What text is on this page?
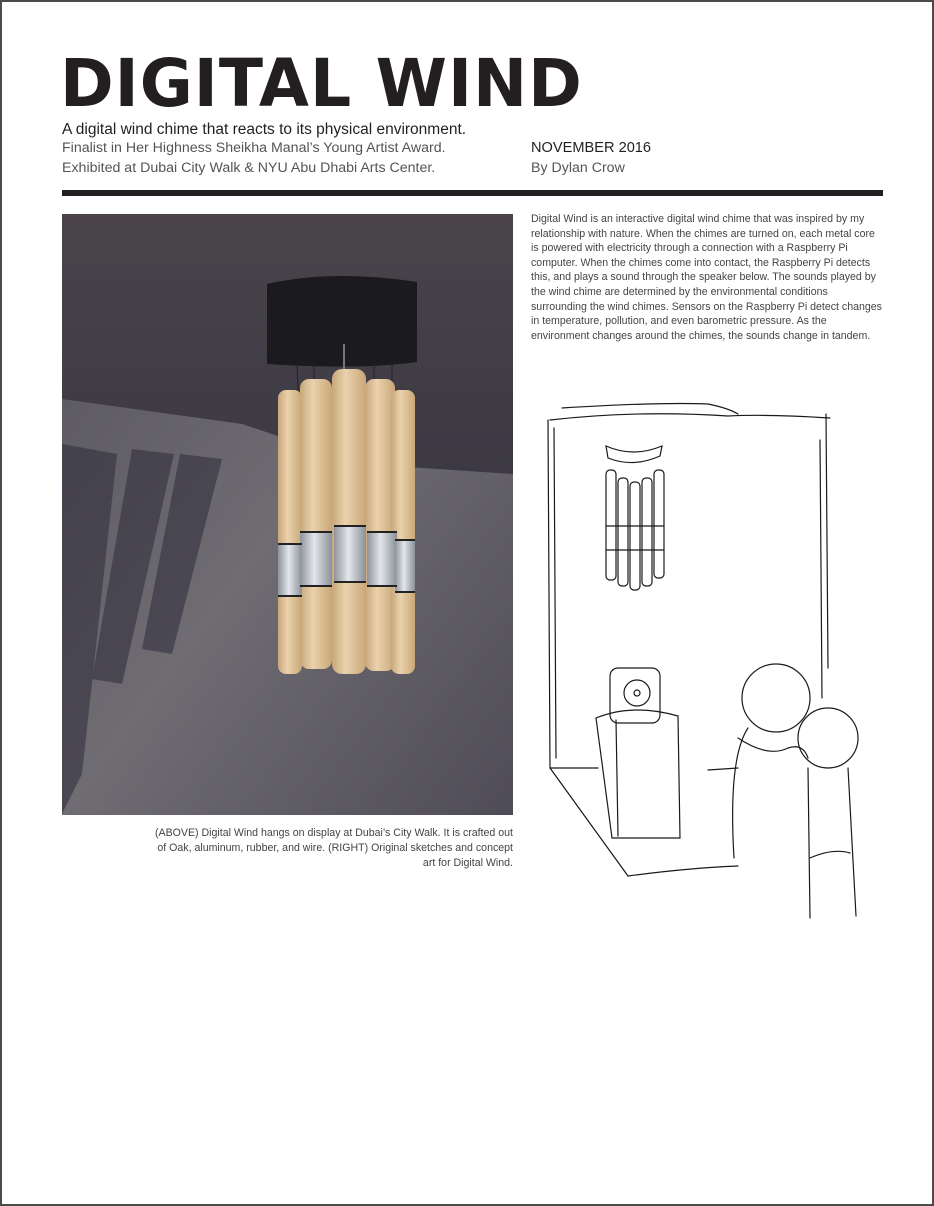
DIGITAL WIND
A digital wind chime that reacts to its physical environment.
Finalist in Her Highness Sheikha Manal’s Young Artist Award.
Exhibited at Dubai City Walk & NYU Abu Dhabi Arts Center.
NOVEMBER 2016
By Dylan Crow
Digital Wind is an interactive digital wind chime that was inspired by my relationship with nature. When the chimes are turned on, each metal core is powered with electricity through a connection with a Raspberry Pi computer. When the chimes come into contact, the Raspberry Pi detects this, and plays a sound through the speaker below. The sounds played by the wind chime are determined by the environmental conditions surrounding the wind chimes. Sensors on the Raspberry Pi detect changes in temperature, pollution, and even barometric pressure. As the environment changes around the chimes, the sounds change in tandem.
(ABOVE) Digital Wind hangs on display at Dubai’s City Walk. It is crafted out of Oak, aluminum, rubber, and wire. (RIGHT) Original sketches and concept art for Digital Wind.
